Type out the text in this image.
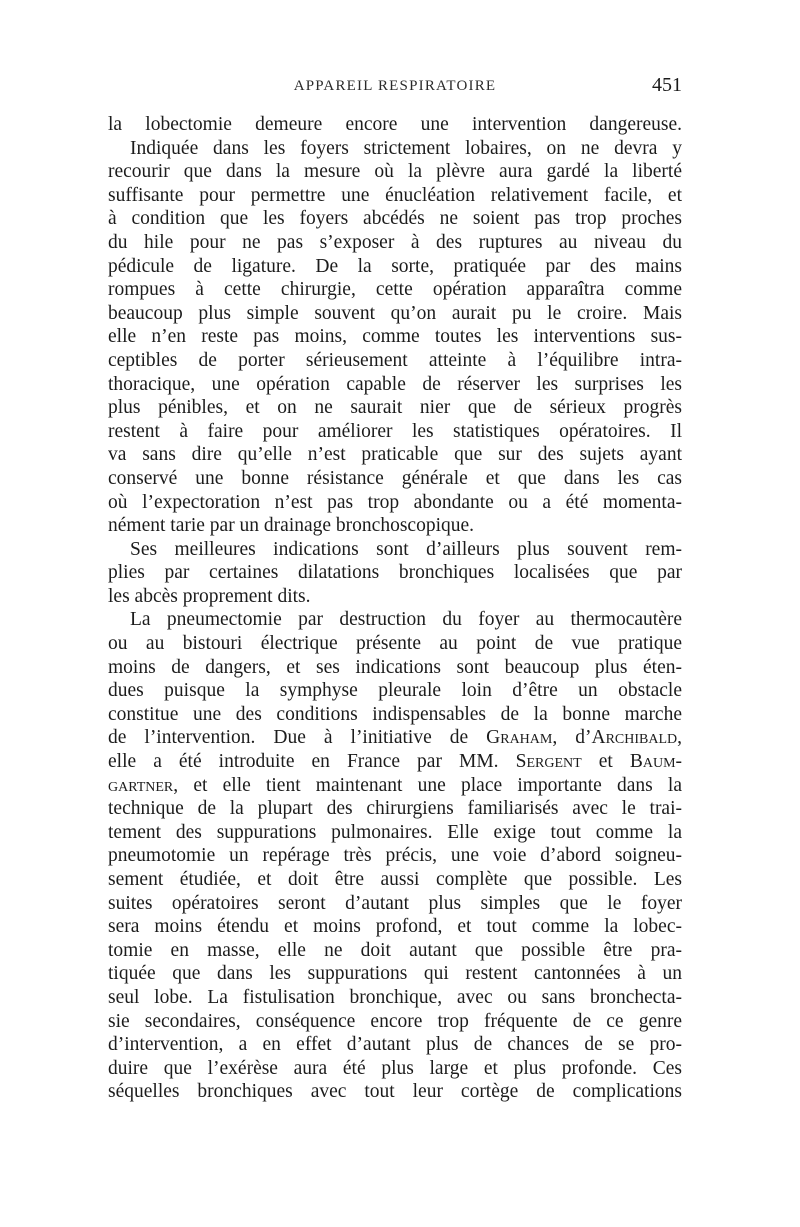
APPAREIL RESPIRATOIRE	451
la lobectomie demeure encore une intervention dangereuse.
Indiquée dans les foyers strictement lobaires, on ne devra y
recourir que dans la mesure où la plèvre aura gardé la liberté
suffisante pour permettre une énucléation relativement facile, et
à condition que les foyers abcédés ne soient pas trop proches
du hile pour ne pas s’exposer à des ruptures au niveau du
pédicule de ligature. De la sorte, pratiquée par des mains
rompues à cette chirurgie, cette opération apparaîtra comme
beaucoup plus simple souvent qu’on aurait pu le croire. Mais
elle n’en reste pas moins, comme toutes les interventions sus-
ceptibles de porter sérieusement atteinte à l’équilibre intra-
thoracique, une opération capable de réserver les surprises les
plus pénibles, et on ne saurait nier que de sérieux progrès
restent à faire pour améliorer les statistiques opératoires. Il
va sans dire qu’elle n’est praticable que sur des sujets ayant
conservé une bonne résistance générale et que dans les cas
où l’expectoration n’est pas trop abondante ou a été momenta-
nément tarie par un drainage bronchoscopique.
Ses meilleures indications sont d’ailleurs plus souvent rem-
plies par certaines dilatations bronchiques localisées que par
les abcès proprement dits.
La pneumectomie par destruction du foyer au thermocautère
ou au bistouri électrique présente au point de vue pratique
moins de dangers, et ses indications sont beaucoup plus éten-
dues puisque la symphyse pleurale loin d’être un obstacle
constitue une des conditions indispensables de la bonne marche
de l’intervention. Due à l’initiative de Graham, d’Archibald,
elle a été introduite en France par MM. Sergent et Baum-
gartner, et elle tient maintenant une place importante dans la
technique de la plupart des chirurgiens familiarisés avec le trai-
tement des suppurations pulmonaires. Elle exige tout comme la
pneumotomie un repérage très précis, une voie d’abord soigneu-
sement étudiée, et doit être aussi complète que possible. Les
suites opératoires seront d’autant plus simples que le foyer
sera moins étendu et moins profond, et tout comme la lobec-
tomie en masse, elle ne doit autant que possible être pra-
tiquée que dans les suppurations qui restent cantonnées à un
seul lobe. La fistulisation bronchique, avec ou sans bronchecta-
sie secondaires, conséquence encore trop fréquente de ce genre
d’intervention, a en effet d’autant plus de chances de se pro-
duire que l’exérèse aura été plus large et plus profonde. Ces
séquelles bronchiques avec tout leur cortège de complications
